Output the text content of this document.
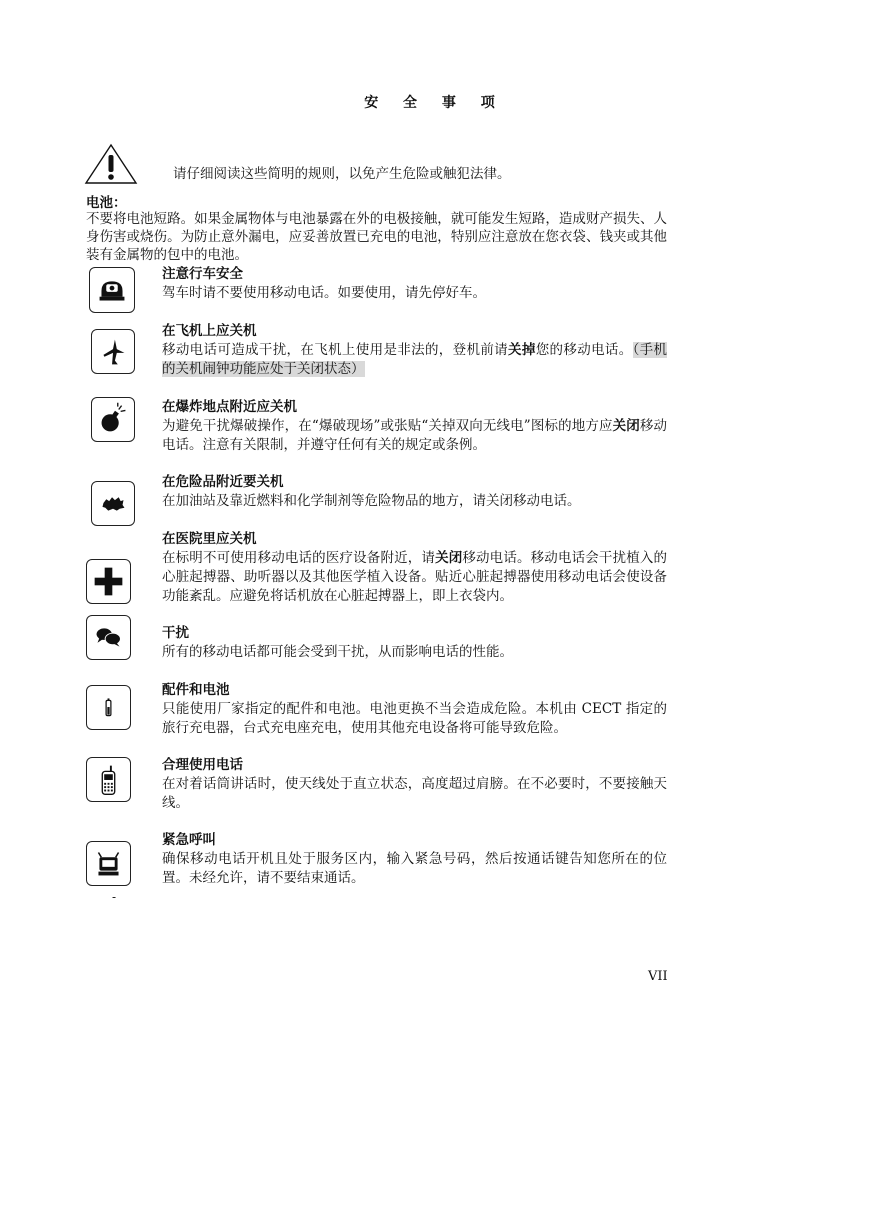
安 全 事 项
请仔细阅读这些简明的规则，以免产生危险或触犯法律。
电池：
不要将电池短路。如果金属物体与电池暴露在外的电极接触，就可能发生短路，造成财产损失、人身伤害或烧伤。为防止意外漏电，应妥善放置已充电的电池，特别应注意放在您衣袋、钱夹或其他装有金属物的包中的电池。
注意行车安全
驾车时请不要使用移动电话。如要使用，请先停好车。
在飞机上应关机
移动电话可造成干扰，在飞机上使用是非法的，登机前请关掉您的移动电话。（手机的关机闹钟功能应处于关闭状态）
在爆炸地点附近应关机
为避免干扰爆破操作，在“爆破现场”或张贴“关掉双向无线电”图标的地方应关闭移动电话。注意有关限制，并遵守任何有关的规定或条例。
在危险品附近要关机
在加油站及靠近燃料和化学制剂等危险物品的地方，请关闭移动电话。
在医院里应关机
在标明不可使用移动电话的医疗设备附近，请关闭移动电话。移动电话会干扰植入的心脏起搏器、助听器以及其他医学植入设备。贴近心脏起搏器使用移动电话会使设备功能紊乱。应避免将话机放在心脏起搏器上，即上衣袋内。
干扰
所有的移动电话都可能会受到干扰，从而影响电话的性能。
配件和电池
只能使用厂家指定的配件和电池。电池更换不当会造成危险。本机由 CECT 指定的旅行充电器，台式充电座充电，使用其他充电设备将可能导致危险。
合理使用电话
在对着话筒讲话时，使天线处于直立状态，高度超过肩膀。在不必要时，不要接触天线。
紧急呼叫
确保移动电话开机且处于服务区内，输入紧急号码，然后按通话键告知您所在的位置。未经允许，请不要结束通话。
-
VII
